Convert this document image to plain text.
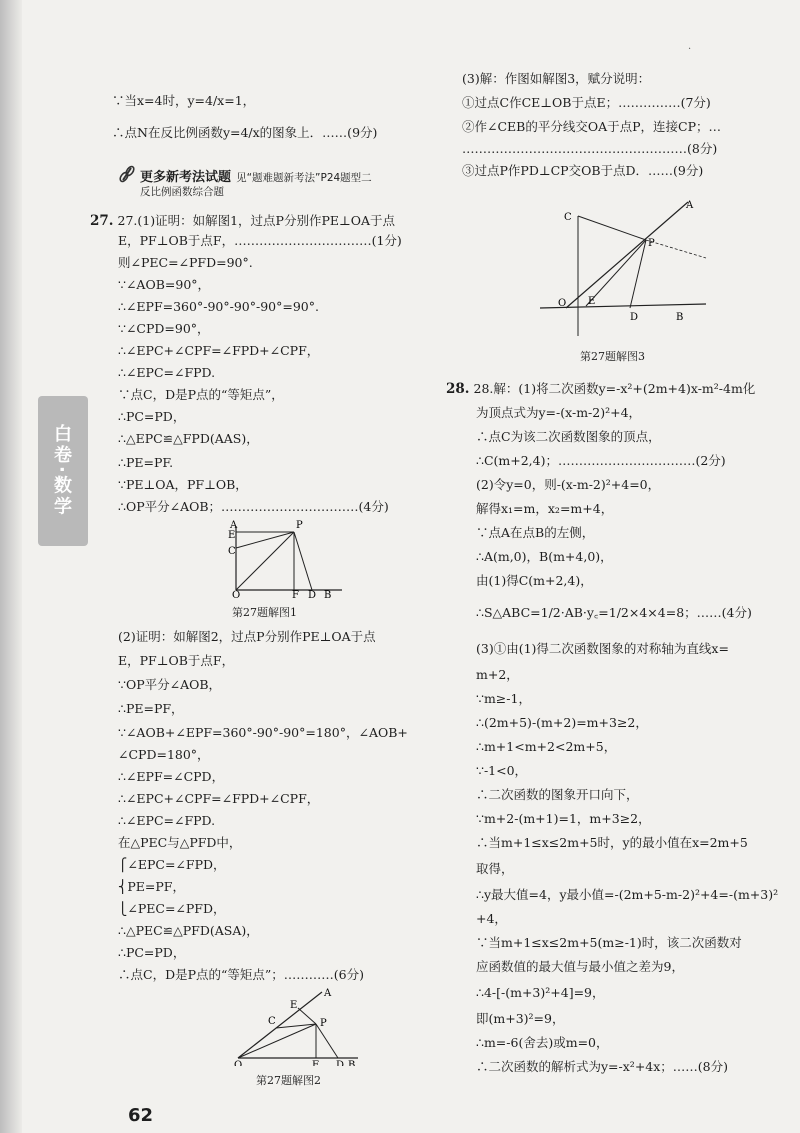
·
白卷·数学
∵当x=4时，y=4/x=1，
∴点N在反比例函数y=4/x的图象上．……(9分)
更多新考法试题 见“题难题新考法”P24题型二
反比例函数综合题
27. 27.(1)证明：如解图1，过点P分别作PE⊥OA于点
E，PF⊥OB于点F，……………………………(1分)
则∠PEC=∠PFD=90°.
∵∠AOB=90°，
∴∠EPF=360°-90°-90°-90°=90°.
∵∠CPD=90°，
∴∠EPC+∠CPF=∠FPD+∠CPF，
∴∠EPC=∠FPD.
∵点C，D是P点的“等矩点”，
∴PC=PD，
∴△EPC≌△FPD(AAS)，
∴PE=PF.
∵PE⊥OA，PF⊥OB，
∴OP平分∠AOB；……………………………(4分)
(2)证明：如解图2，过点P分别作PE⊥OA于点
E，PF⊥OB于点F，
∵OP平分∠AOB，
∴PE=PF，
∵∠AOB+∠EPF=360°-90°-90°=180°，∠AOB+
∠CPD=180°，
∴∠EPF=∠CPD，
∴∠EPC+∠CPF=∠FPD+∠CPF，
∴∠EPC=∠FPD.
在△PEC与△PFD中，
⎧∠EPC=∠FPD，
⎨PE=PF，
⎩∠PEC=∠PFD，
∴△PEC≌△PFD(ASA)，
∴PC=PD，
∴点C，D是P点的“等矩点”；…………(6分)
A
E
C
P
O	F D B
第27题解图1
A
E
C	P
O	F D B
第27题解图2
(3)解：作图如解图3，赋分说明：
①过点C作CE⊥OB于点E；……………(7分)
②作∠CEB的平分线交OA于点P，连接CP；…
………………………………………………(8分)
③过点P作PD⊥CP交OB于点D．……(9分)
C
A
P
O E
D	B
第27题解图3
28. 28.解：(1)将二次函数y=-x²+(2m+4)x-m²-4m化
为顶点式为y=-(x-m-2)²+4，
∴点C为该二次函数图象的顶点，
∴C(m+2,4)；……………………………(2分)
(2)令y=0，则-(x-m-2)²+4=0，
解得x₁=m，x₂=m+4，
∵点A在点B的左侧，
∴A(m,0)，B(m+4,0)，
由(1)得C(m+2,4)，
∴S△ABC=1/2·AB·y꜀=1/2×4×4=8；……(4分)
(3)①由(1)得二次函数图象的对称轴为直线x=
m+2，
∵m≥-1，
∴(2m+5)-(m+2)=m+3≥2，
∴m+1<m+2<2m+5，
∵-1<0，
∴二次函数的图象开口向下，
∵m+2-(m+1)=1，m+3≥2，
∴当m+1≤x≤2m+5时，y的最小值在x=2m+5
取得，
∴y最大值=4，y最小值=-(2m+5-m-2)²+4=-(m+3)²
+4，
∵当m+1≤x≤2m+5(m≥-1)时，该二次函数对
应函数值的最大值与最小值之差为9，
∴4-[-(m+3)²+4]=9，
即(m+3)²=9，
∴m=-6(舍去)或m=0，
∴二次函数的解析式为y=-x²+4x；……(8分)
62
